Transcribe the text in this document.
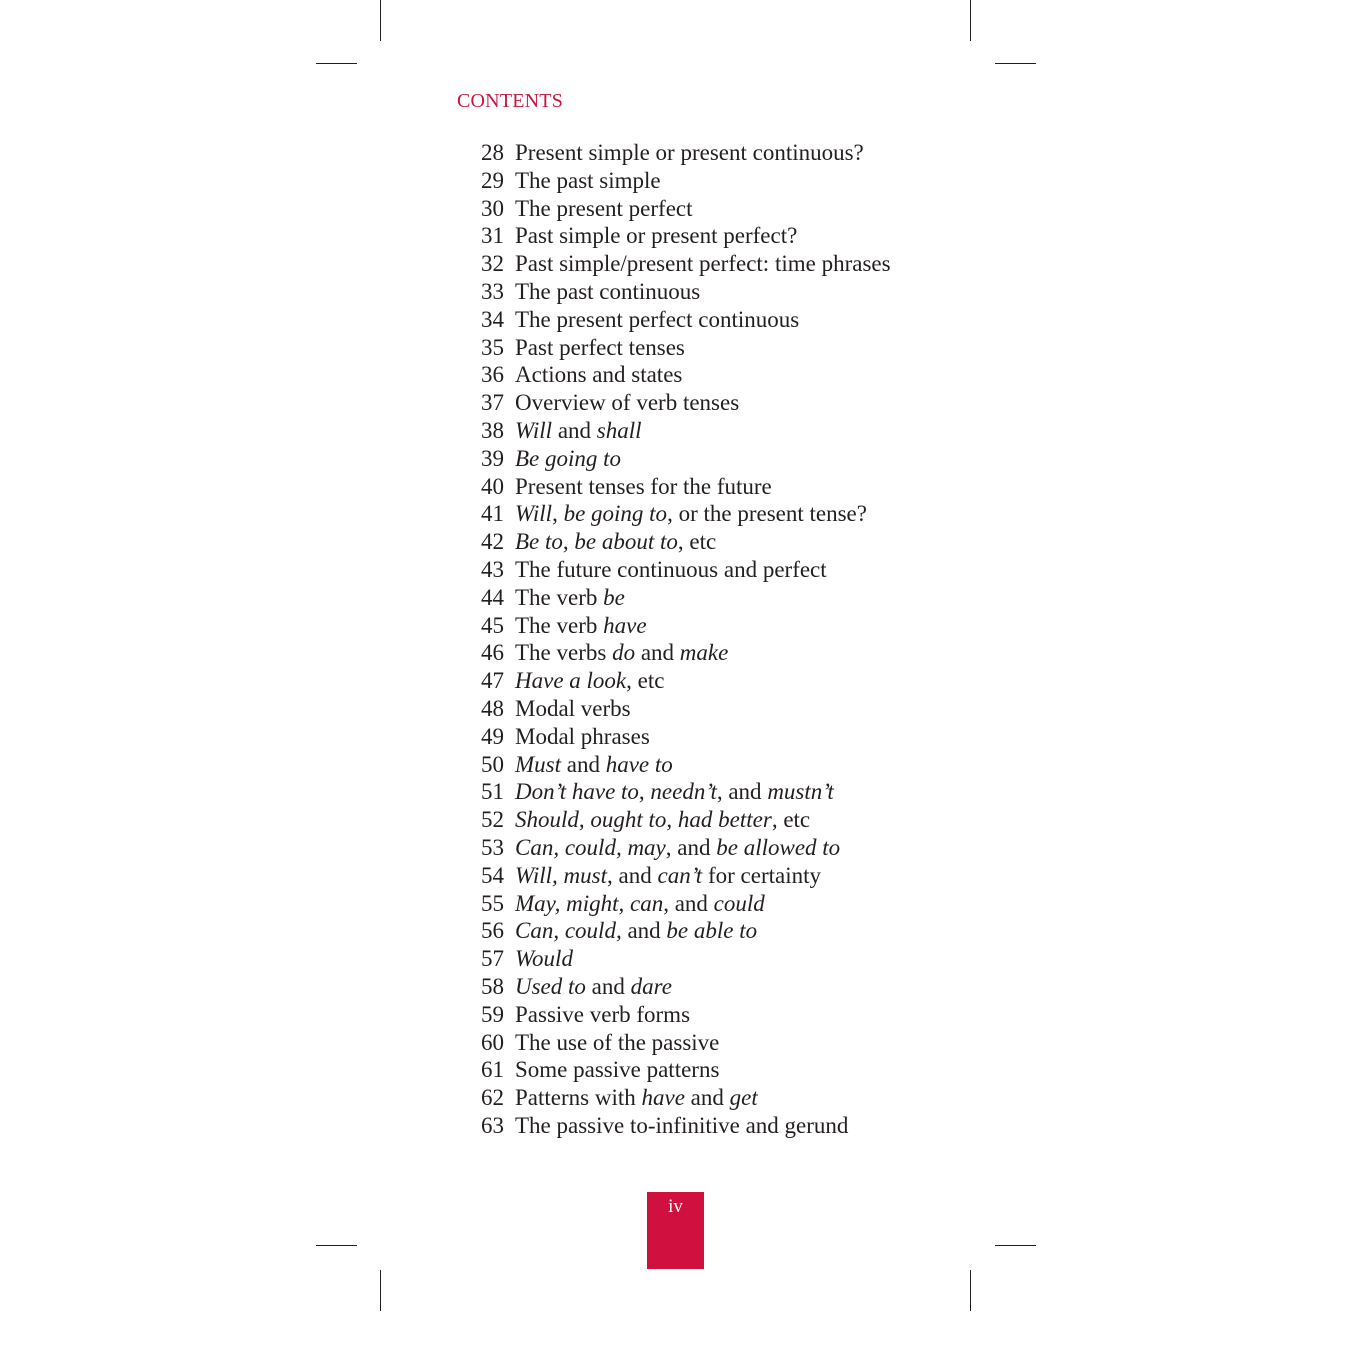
CONTENTS
28 Present simple or present continuous?
29 The past simple
30 The present perfect
31 Past simple or present perfect?
32 Past simple/present perfect: time phrases
33 The past continuous
34 The present perfect continuous
35 Past perfect tenses
36 Actions and states
37 Overview of verb tenses
38 Will and shall
39 Be going to
40 Present tenses for the future
41 Will, be going to, or the present tense?
42 Be to, be about to, etc
43 The future continuous and perfect
44 The verb be
45 The verb have
46 The verbs do and make
47 Have a look, etc
48 Modal verbs
49 Modal phrases
50 Must and have to
51 Don’t have to, needn’t, and mustn’t
52 Should, ought to, had better, etc
53 Can, could, may, and be allowed to
54 Will, must, and can’t for certainty
55 May, might, can, and could
56 Can, could, and be able to
57 Would
58 Used to and dare
59 Passive verb forms
60 The use of the passive
61 Some passive patterns
62 Patterns with have and get
63 The passive to-infinitive and gerund
iv
